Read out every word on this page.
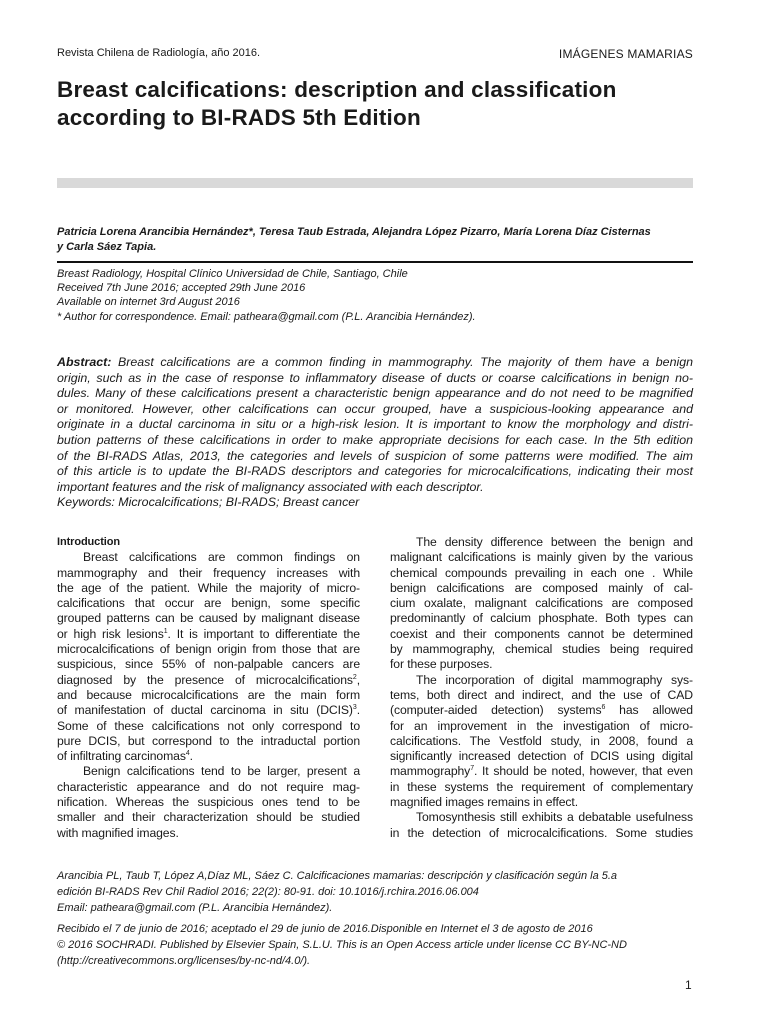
Revista Chilena de Radiología, año 2016.	IMÁGENES MAMARIAS
Breast calcifications: description and classification
according to BI-RADS 5th Edition
Patricia Lorena Arancibia Hernández*, Teresa Taub Estrada, Alejandra López Pizarro, María Lorena Díaz Cisternas
y Carla Sáez Tapia.
Breast Radiology, Hospital Clínico Universidad de Chile, Santiago, Chile
Received 7th June 2016; accepted 29th June 2016
Available on internet 3rd August 2016
* Author for correspondence. Email: patheara@gmail.com (P.L. Arancibia Hernández).
Abstract: Breast calcifications are a common finding in mammography. The majority of them have a benign
origin, such as in the case of response to inflammatory disease of ducts or coarse calcifications in benign no-
dules. Many of these calcifications present a characteristic benign appearance and do not need to be magnified
or monitored. However, other calcifications can occur grouped, have a suspicious-looking appearance and
originate in a ductal carcinoma in situ or a high-risk lesion. It is important to know the morphology and distri-
bution patterns of these calcifications in order to make appropriate decisions for each case. In the 5th edition
of the BI-RADS Atlas, 2013, the categories and levels of suspicion of some patterns were modified. The aim
of this article is to update the BI-RADS descriptors and categories for microcalcifications, indicating their most
important features and the risk of malignancy associated with each descriptor.
Keywords: Microcalcifications; BI-RADS; Breast cancer
Introduction
Breast calcifications are common findings on
mammography and their frequency increases with
the age of the patient. While the majority of micro-
calcifications that occur are benign, some specific
grouped patterns can be caused by malignant disease
or high risk lesions$^1$. It is important to differentiate the
microcalcifications of benign origin from those that are
suspicious, since 55% of non-palpable cancers are
diagnosed by the presence of microcalcifications$^2$,
and because microcalcifications are the main form
of manifestation of ductal carcinoma in situ (DCIS)$^3$.
Some of these calcifications not only correspond to
pure DCIS, but correspond to the intraductal portion
of infiltrating carcinomas$^4$.
Benign calcifications tend to be larger, present a
characteristic appearance and do not require mag-
nification. Whereas the suspicious ones tend to be
smaller and their characterization should be studied
with magnified images.
The density difference between the benign and
malignant calcifications is mainly given by the various
chemical compounds prevailing in each one . While
benign calcifications are composed mainly of cal-
cium oxalate, malignant calcifications are composed
predominantly of calcium phosphate. Both types can
coexist and their components cannot be determined
by mammography, chemical studies being required
for these purposes.
The incorporation of digital mammography sys-
tems, both direct and indirect, and the use of CAD
(computer-aided detection) systems$^6$ has allowed
for an improvement in the investigation of micro-
calcifications. The Vestfold study, in 2008, found a
significantly increased detection of DCIS using digital
mammography$^7$. It should be noted, however, that even
in these systems the requirement of complementary
magnified images remains in effect.
Tomosynthesis still exhibits a debatable usefulness
in the detection of microcalcifications. Some studies

Arancibia PL, Taub T, López A,Díaz ML, Sáez C. Calcificaciones mamarias: descripción y clasificación según la 5.a
edición BI-RADS Rev Chil Radiol 2016; 22(2): 80-91. doi: 10.1016/j.rchira.2016.06.004
Email: patheara@gmail.com (P.L. Arancibia Hernández).
Recibido el 7 de junio de 2016; aceptado el 29 de junio de 2016.Disponible en Internet el 3 de agosto de 2016
© 2016 SOCHRADI. Published by Elsevier Spain, S.L.U. This is an Open Access article under license CC BY-NC-ND
(http://creativecommons.org/licenses/by-nc-nd/4.0/).
1
